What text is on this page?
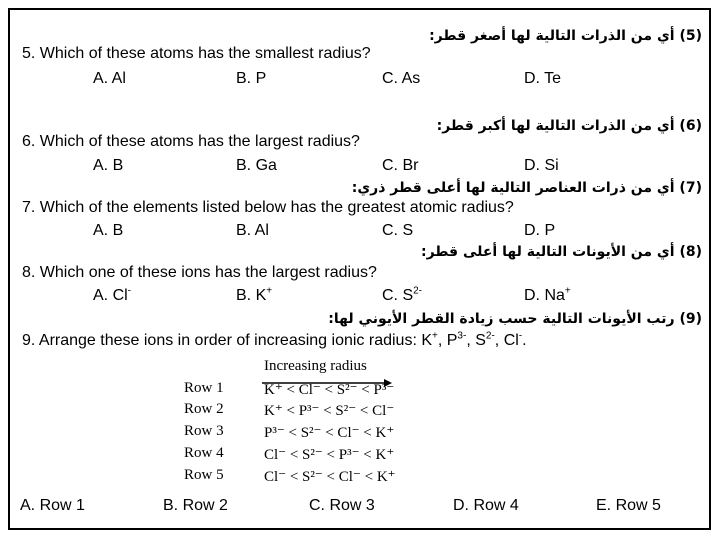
(5) أي من الذرات التالية لها أصغر قطر:
5. Which of these atoms has the smallest radius?
A. Al	B. P	C. As	D. Te
(6) أي من الذرات التالية لها أكبر قطر:
6. Which of these atoms has the largest radius?
A. B	B. Ga	C. Br	D. Si
(7) أي من ذرات العناصر التالية لها أعلى قطر ذري:
7. Which of the elements listed below has the greatest atomic radius?
A. B	B. Al	C. S	D. P
(8) أي من الأيونات التالية لها أعلى قطر:
8. Which one of these ions has the largest radius?
A. Cl-	B. K+	C. $S^{2-}$	D. Na+
(9) رتب الأيونات التالية حسب زيادة القطر الأيوني لها:
9. Arrange these ions in order of increasing ionic radius: K+, $P^{3-}$, $S^{2-}$, Cl-.
Increasing radius
Row 1	K⁺ < Cl⁻ < S²⁻ < P³⁻
Row 2	K⁺ < P³⁻ < S²⁻ < Cl⁻
Row 3	P³⁻ < S²⁻ < Cl⁻ < K⁺
Row 4	Cl⁻ < S²⁻ < P³⁻ < K⁺
Row 5	Cl⁻ < S²⁻ < Cl⁻ < K⁺
A. Row 1	B. Row 2	C. Row 3	D. Row 4	E. Row 5
